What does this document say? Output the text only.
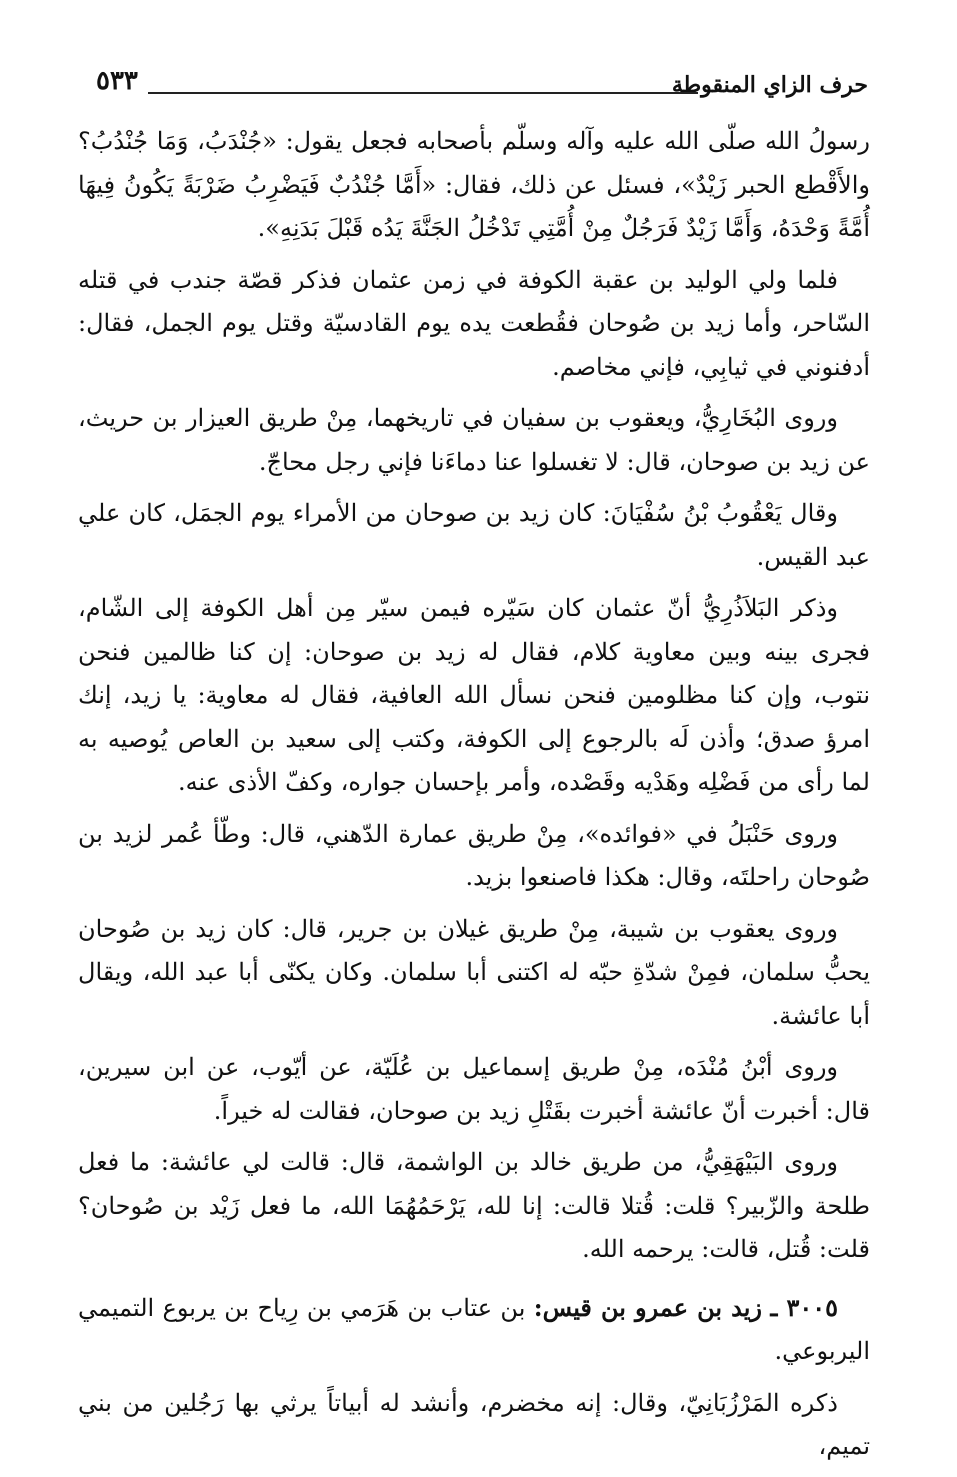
حرف الزاي المنقوطة
٥٣٣

رسولُ الله صلّى الله عليه وآله وسلّم بأصحابه فجعل يقول: «جُنْدَبُ، وَمَا جُنْدُبُ؟ والأَقْطع الحبر زَيْدٌ»، فسئل عن ذلك، فقال: «أَمَّا جُنْدُبٌ فَيَضْرِبُ ضَرْبَةً يَكُونُ فِيهَا أُمَّةً وَحْدَهُ، وَأَمَّا زَيْدٌ فَرَجُلٌ مِنْ أُمَّتِي تَدْخُلُ الجَنَّةَ يَدُه قَبْلَ بَدَنِهِ».

فلما ولي الوليد بن عقبة الكوفة في زمن عثمان فذكر قصّة جندب في قتله السّاحر، وأما زيد بن صُوحان فقُطعت يده يوم القادسيّة وقتل يوم الجمل، فقال: أدفنوني في ثيابِي، فإني مخاصم.

وروى البُخَارِيُّ، ويعقوب بن سفيان في تاريخهما، مِنْ طريق العيزار بن حريث، عن زيد بن صوحان، قال: لا تغسلوا عنا دماءَنا فإني رجل محاجّ.

وقال يَعْقُوبُ بْنُ سُفْيَانَ: كان زيد بن صوحان من الأمراء يوم الجمَل، كان علي عبد القيس.

وذكر البَلاَذُرِيُّ أنّ عثمان كان سَيّره فيمن سيّر مِن أهل الكوفة إلى الشّام، فجرى بينه وبين معاوية كلام، فقال له زيد بن صوحان: إن كنا ظالمين فنحن نتوب، وإن كنا مظلومين فنحن نسأل الله العافية، فقال له معاوية: يا زيد، إنك امرؤ صدق؛ وأذن لَه بالرجوع إلى الكوفة، وكتب إلى سعيد بن العاص يُوصيه به لما رأى من فَضْلِه وهَدْيه وقَصْده، وأمر بإحسان جواره، وكفّ الأذى عنه.

وروى حَنْبَلُ في «فوائده»، مِنْ طريق عمارة الدّهني، قال: وطّأ عُمر لزيد بن صُوحان راحلتَه، وقال: هكذا فاصنعوا بزيد.

وروى يعقوب بن شيبة، مِنْ طريق غيلان بن جرير، قال: كان زيد بن صُوحان يحبُّ سلمان، فمِنْ شدّةِ حبّه له اكتنى أبا سلمان. وكان يكنّى أبا عبد الله، ويقال أبا عائشة.

وروى أبْنُ مُنْدَه، مِنْ طريق إسماعيل بن عُلَيّة، عن أيّوب، عن ابن سيرين، قال: أخبرت أنّ عائشة أخبرت بقَتْلِ زيد بن صوحان، فقالت له خيراً.

وروى البَيْهَقِيُّ، من طريق خالد بن الواشمة، قال: قالت لي عائشة: ما فعل طلحة والزّبير؟ قلت: قُتلا قالت: إنا لله، يَرْحَمُهُمَا الله، ما فعل زَيْد بن صُوحان؟ قلت: قُتل، قالت: يرحمه الله.

٣٠٠٥ ـ زيد بن عمرو بن قيس: بن عتاب بن هَرَمي بن رِياح بن يربوع التميمي اليربوعي.

ذكره المَرْزُبَانِيّ، وقال: إنه مخضرم، وأنشد له أبياتاً يرثي بها رَجُلين من بني تميم،
